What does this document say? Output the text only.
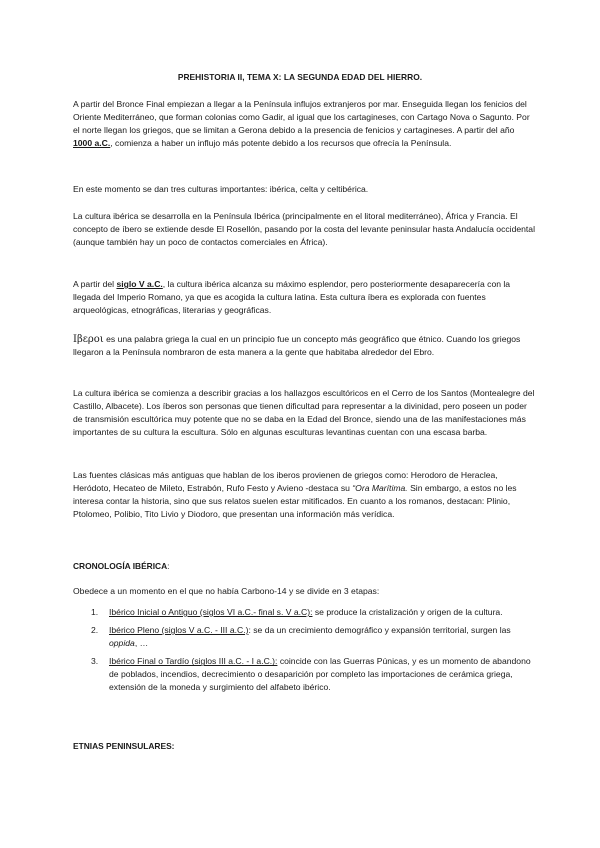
PREHISTORIA II, TEMA X: LA SEGUNDA EDAD DEL HIERRO.

A partir del Bronce Final empiezan a llegar a la Península influjos extranjeros por mar. Enseguida llegan los fenicios del Oriente Mediterráneo, que forman colonias como Gadir, al igual que los cartagineses, con Cartago Nova o Sagunto. Por el norte llegan los griegos, que se limitan a Gerona debido a la presencia de fenicios y cartagineses. A partir del año 1000 a.C., comienza a haber un influjo más potente debido a los recursos que ofrecía la Península.

En este momento se dan tres culturas importantes: ibérica, celta y celtibérica.

La cultura ibérica se desarrolla en la Península Ibérica (principalmente en el litoral mediterráneo), África y Francia. El concepto de íbero se extiende desde El Rosellón, pasando por la costa del levante peninsular hasta Andalucía occidental (aunque también hay un poco de contactos comerciales en África).

A partir del siglo V a.C., la cultura ibérica alcanza su máximo esplendor, pero posteriormente desaparecería con la llegada del Imperio Romano, ya que es acogida la cultura latina. Esta cultura íbera es explorada con fuentes arqueológicas, etnográficas, literarias y geográficas.

Ιβεροι es una palabra griega la cual en un principio fue un concepto más geográfico que étnico. Cuando los griegos llegaron a la Península nombraron de esta manera a la gente que habitaba alrededor del Ebro.

La cultura ibérica se comienza a describir gracias a los hallazgos escultóricos en el Cerro de los Santos (Montealegre del Castillo, Albacete). Los íberos son personas que tienen dificultad para representar a la divinidad, pero poseen un poder de transmisión escultórica muy potente que no se daba en la Edad del Bronce, siendo una de las manifestaciones más importantes de su cultura la escultura. Sólo en algunas esculturas levantinas cuentan con una escasa barba.

Las fuentes clásicas más antiguas que hablan de los iberos provienen de griegos como: Herodoro de Heraclea, Heródoto, Hecateo de Mileto, Estrabón, Rufo Festo y Avieno -destaca su “Ora Marítima. Sin embargo, a estos no les interesa contar la historia, sino que sus relatos suelen estar mitificados. En cuanto a los romanos, destacan: Plinio, Ptolomeo, Polibio, Tito Livio y Diodoro, que presentan una información más verídica.

CRONOLOGÍA IBÉRICA:

Obedece a un momento en el que no había Carbono-14 y se divide en 3 etapas:

1. Ibérico Inicial o Antiguo (siglos VI a.C.- final s. V a.C): se produce la cristalización y origen de la cultura.
2. Ibérico Pleno (siglos V a.C. - III a.C.): se da un crecimiento demográfico y expansión territorial, surgen las oppida, …
3. Ibérico Final o Tardío (siglos III a.C. - I a.C.): coincide con las Guerras Púnicas, y es un momento de abandono de poblados, incendios, decrecimiento o desaparición por completo las importaciones de cerámica griega, extensión de la moneda y surgimiento del alfabeto ibérico.
ETNIAS PENINSULARES:
